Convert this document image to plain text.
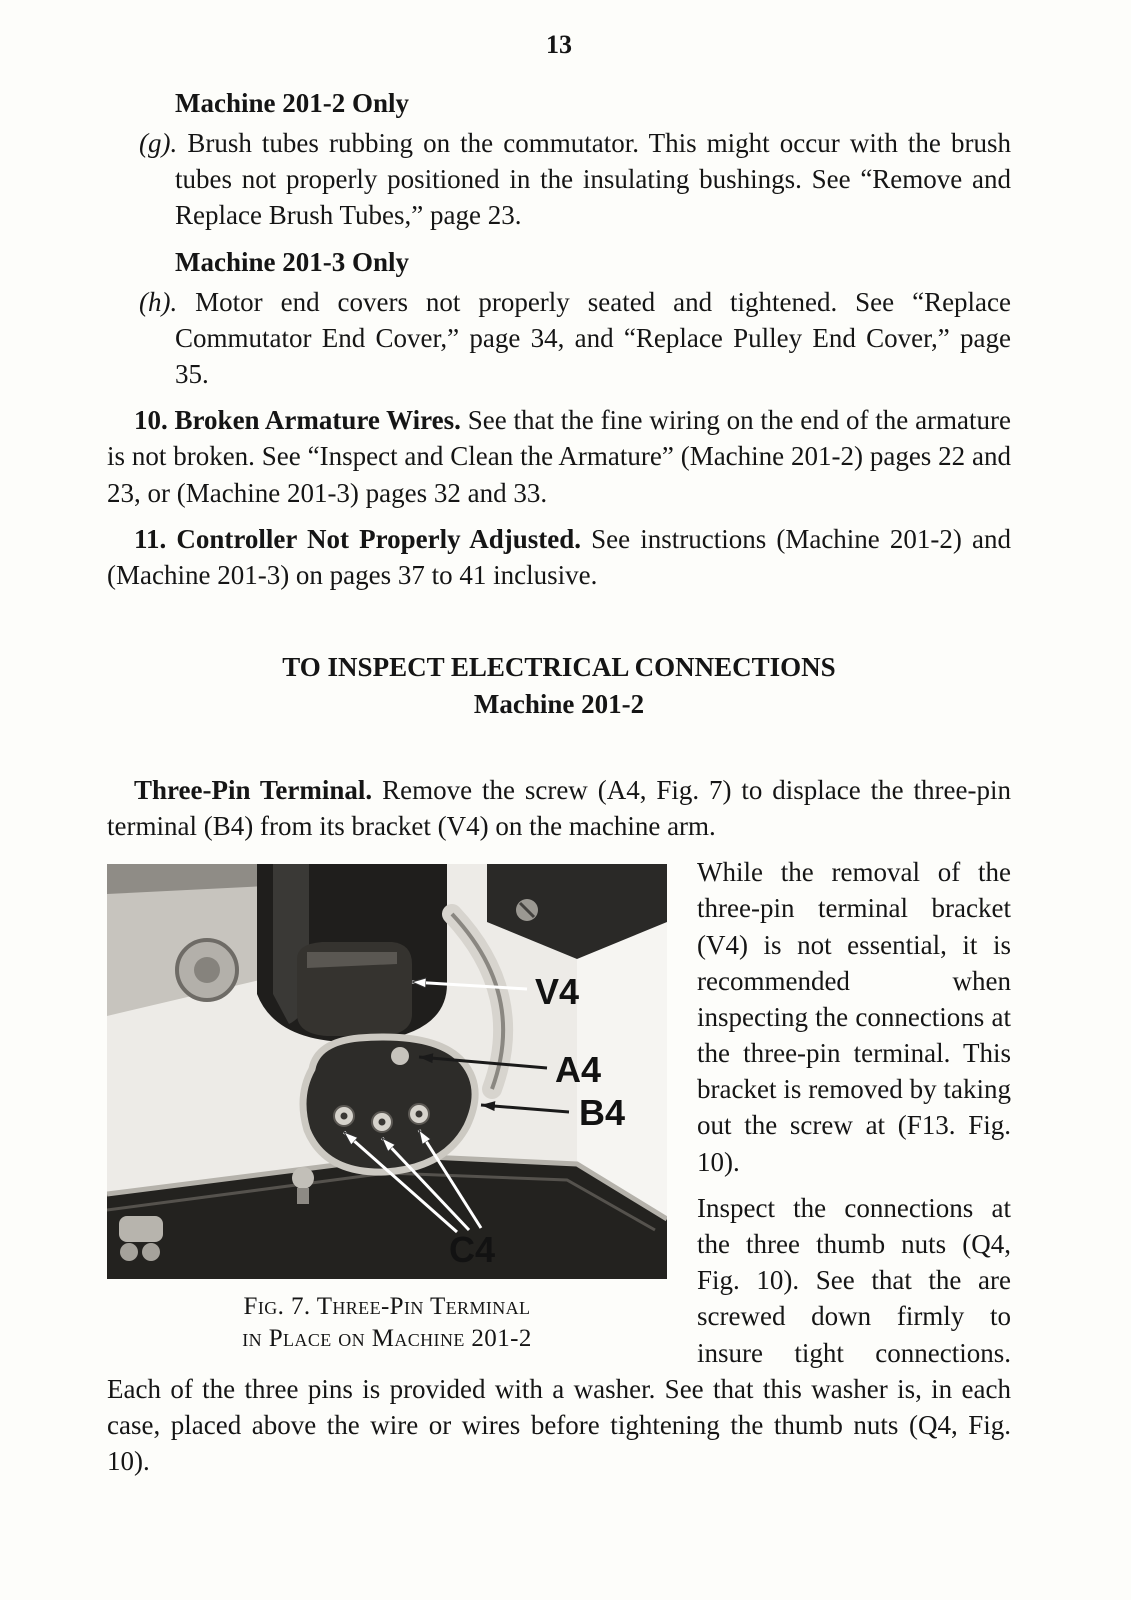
13
Machine 201-2 Only

(g). Brush tubes rubbing on the commutator. This might occur with the brush tubes not properly positioned in the insulating bushings. See “Remove and Replace Brush Tubes,” page 23.

Machine 201-3 Only

(h). Motor end covers not properly seated and tightened. See “Replace Commutator End Cover,” page 34, and “Replace Pulley End Cover,” page 35.

10. Broken Armature Wires. See that the fine wiring on the end of the armature is not broken. See “Inspect and Clean the Armature” (Machine 201-2) pages 22 and 23, or (Machine 201-3) pages 32 and 33.

11. Controller Not Properly Adjusted. See instructions (Machine 201-2) and (Machine 201-3) on pages 37 to 41 inclusive.

TO INSPECT ELECTRICAL CONNECTIONS
Machine 201-2

Three-Pin Terminal. Remove the screw (A4, Fig. 7) to displace the three-pin terminal (B4) from its bracket (V4) on the machine arm.

V4
A4
B4
C4
Fig. 7. Three-Pin Terminal
in Place on Machine 201-2

While the removal of the three-pin terminal bracket (V4) is not essential, it is recommended when inspecting the connections at the three-pin terminal. This bracket is removed by taking out the screw at (F13. Fig. 10).

Inspect the connections at the three thumb nuts (Q4, Fig. 10). See that the are screwed down firmly to insure tight connections. Each of the three pins is provided with a washer. See that this washer is, in each case, placed above the wire or wires before tightening the thumb nuts (Q4, Fig. 10).
